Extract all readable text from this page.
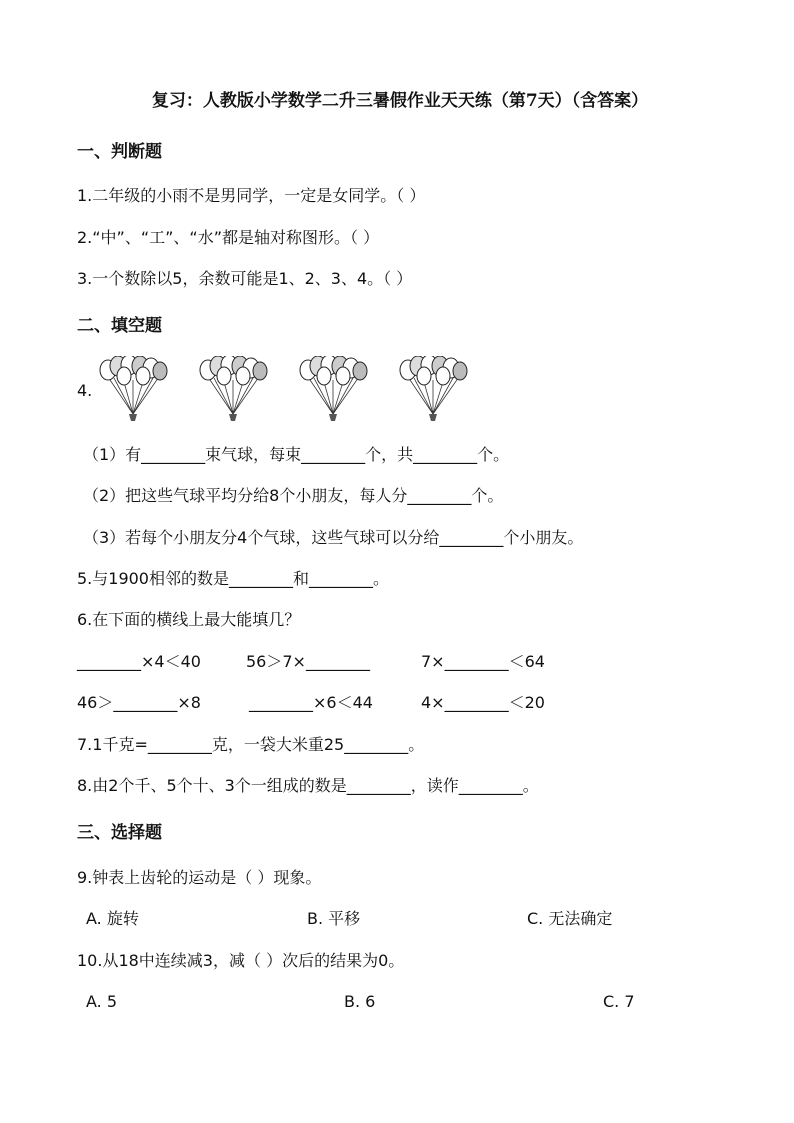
复习：人教版小学数学二升三暑假作业天天练（第7天）（含答案）
一、判断题
1.二年级的小雨不是男同学，一定是女同学。（ ）
2.“中”、“工”、“水”都是轴对称图形。（ ）
3.一个数除以5，余数可能是1、2、3、4。（ ）
二、填空题
4.
（1）有________束气球，每束________个，共________个。
（2）把这些气球平均分给8个小朋友，每人分________个。
（3）若每个小朋友分4个气球，这些气球可以分给________个小朋友。
5.与1900相邻的数是________和________。
6.在下面的横线上最大能填几？
________×4＜40	56＞7×________	7×________＜64
46＞________×8	________×6＜44	4×________＜20
7.1千克=________克，一袋大米重25________。
8.由2个千、5个十、3个一组成的数是________，读作________。
三、选择题
9.钟表上齿轮的运动是（ ）现象。
A. 旋转	B. 平移	C. 无法确定
10.从18中连续减3，减（ ）次后的结果为0。
A. 5	B. 6	C. 7
